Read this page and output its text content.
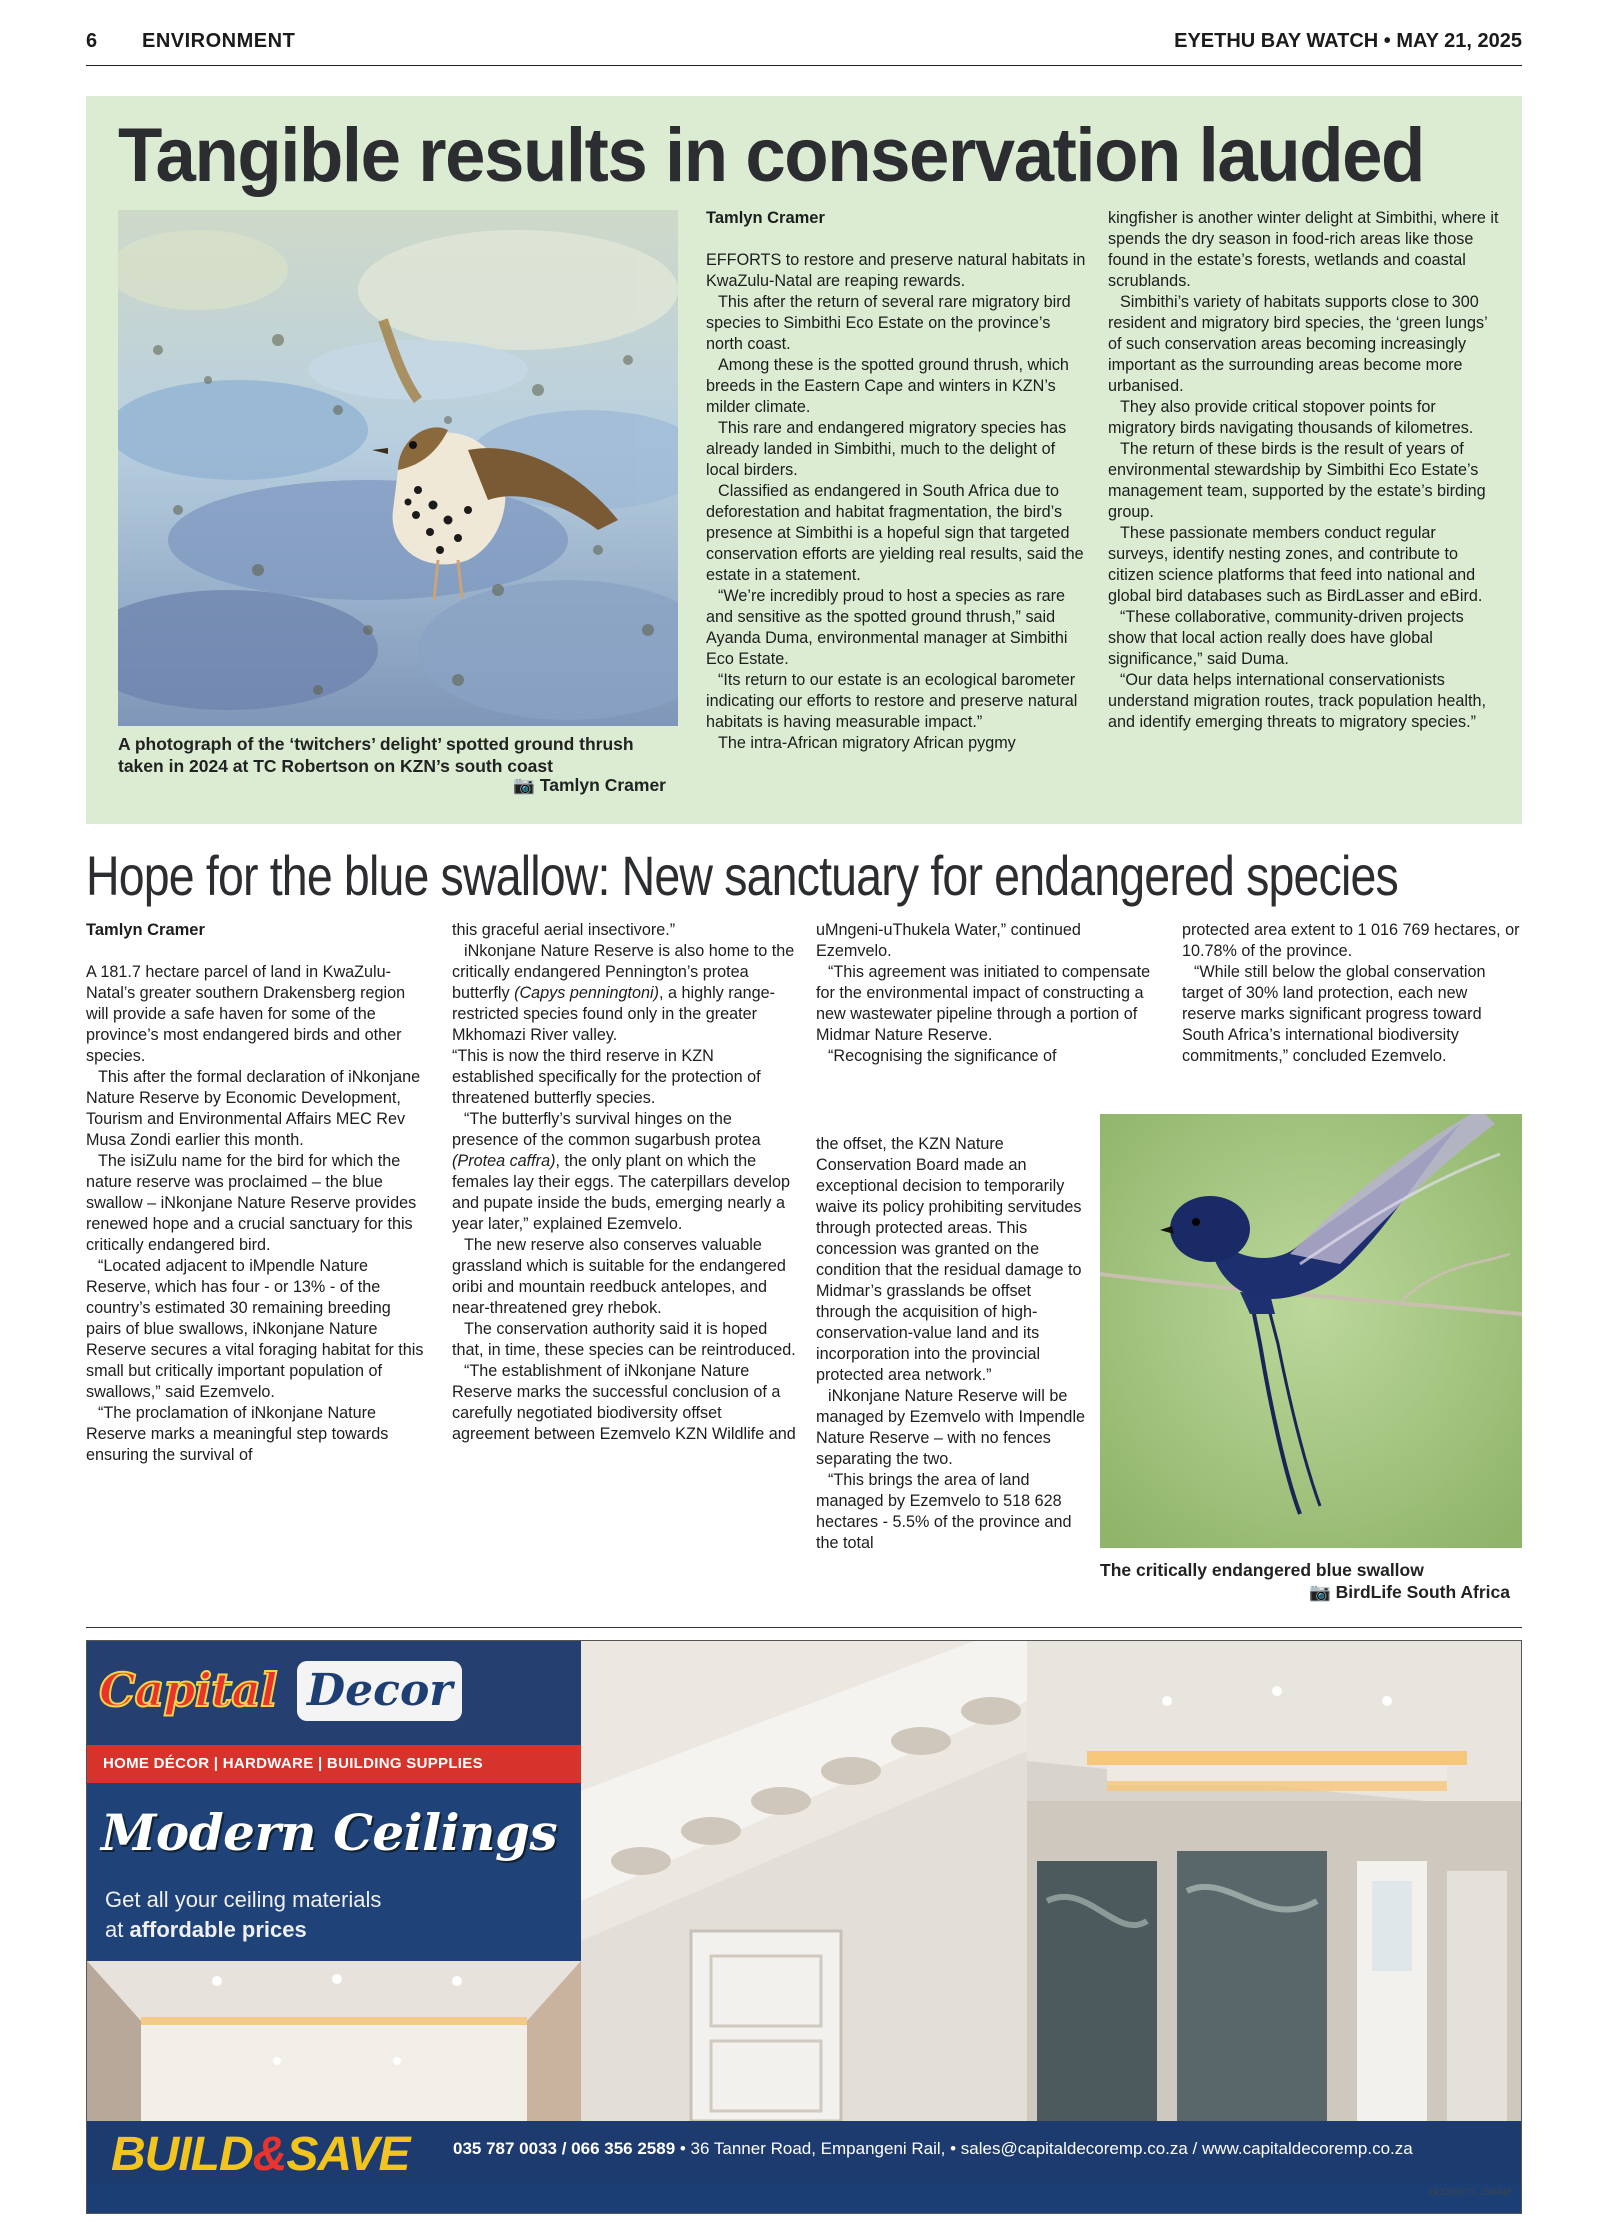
6 ENVIRONMENT	EYETHU BAY WATCH • MAY 21, 2025
Tangible results in conservation lauded
A photograph of the ‘twitchers’ delight’ spotted ground thrush taken in 2024 at TC Robertson on KZN’s south coast
📷 Tamlyn Cramer

Tamlyn Cramer

EFFORTS to restore and preserve natural habitats in KwaZulu-Natal are reaping rewards.

This after the return of several rare migratory bird species to Simbithi Eco Estate on the province’s north coast.

Among these is the spotted ground thrush, which breeds in the Eastern Cape and winters in KZN’s milder climate.

This rare and endangered migratory species has already landed in Simbithi, much to the delight of local birders.

Classified as endangered in South Africa due to deforestation and habitat fragmentation, the bird’s presence at Simbithi is a hopeful sign that targeted conservation efforts are yielding real results, said the estate in a statement.

“We’re incredibly proud to host a species as rare and sensitive as the spotted ground thrush,” said Ayanda Duma, environmental manager at Simbithi Eco Estate.

“Its return to our estate is an ecological barometer indicating our efforts to restore and preserve natural habitats is having measurable impact.”

The intra-African migratory African pygmy

kingfisher is another winter delight at Simbithi, where it spends the dry season in food-rich areas like those found in the estate’s forests, wetlands and coastal scrublands.

Simbithi’s variety of habitats supports close to 300 resident and migratory bird species, the ‘green lungs’ of such conservation areas becoming increasingly important as the surrounding areas become more urbanised.

They also provide critical stopover points for migratory birds navigating thousands of kilometres.

The return of these birds is the result of years of environmental stewardship by Simbithi Eco Estate’s management team, supported by the estate’s birding group.

These passionate members conduct regular surveys, identify nesting zones, and contribute to citizen science platforms that feed into national and global bird databases such as BirdLasser and eBird.

“These collaborative, community-driven projects show that local action really does have global significance,” said Duma.

“Our data helps international conservationists understand migration routes, track population health, and identify emerging threats to migratory species.”

Hope for the blue swallow: New sanctuary for endangered species

Tamlyn Cramer

A 181.7 hectare parcel of land in KwaZulu-Natal’s greater southern Drakensberg region will provide a safe haven for some of the province’s most endangered birds and other species.

This after the formal declaration of iNkonjane Nature Reserve by Economic Development, Tourism and Environmental Affairs MEC Rev Musa Zondi earlier this month.

The isiZulu name for the bird for which the nature reserve was proclaimed – the blue swallow – iNkonjane Nature Reserve provides renewed hope and a crucial sanctuary for this critically endangered bird.

“Located adjacent to iMpendle Nature Reserve, which has four - or 13% - of the country’s estimated 30 remaining breeding pairs of blue swallows, iNkonjane Nature Reserve secures a vital foraging habitat for this small but critically important population of swallows,” said Ezemvelo.

“The proclamation of iNkonjane Nature Reserve marks a meaningful step towards ensuring the survival of

this graceful aerial insectivore.”

iNkonjane Nature Reserve is also home to the critically endangered Pennington’s protea butterfly (Capys penningtoni), a highly range-restricted species found only in the greater Mkhomazi River valley.

“This is now the third reserve in KZN established specifically for the protection of threatened butterfly species.

“The butterfly’s survival hinges on the presence of the common sugarbush protea (Protea caffra), the only plant on which the females lay their eggs. The caterpillars develop and pupate inside the buds, emerging nearly a year later,” explained Ezemvelo.

The new reserve also conserves valuable grassland which is suitable for the endangered oribi and mountain reedbuck antelopes, and near-threatened grey rhebok.

The conservation authority said it is hoped that, in time, these species can be reintroduced.

“The establishment of iNkonjane Nature Reserve marks the successful conclusion of a carefully negotiated biodiversity offset agreement between Ezemvelo KZN Wildlife and

uMngeni-uThukela Water,” continued Ezemvelo.

“This agreement was initiated to compensate for the environmental impact of constructing a new wastewater pipeline through a portion of Midmar Nature Reserve.

“Recognising the significance of

the offset, the KZN Nature Conservation Board made an exceptional decision to temporarily waive its policy prohibiting servitudes through protected areas. This concession was granted on the condition that the residual damage to Midmar’s grasslands be offset through the acquisition of high-conservation-value land and its incorporation into the provincial protected area network.”

iNkonjane Nature Reserve will be managed by Ezemvelo with Impendle Nature Reserve – with no fences separating the two.

“This brings the area of land managed by Ezemvelo to 518 628 hectares - 5.5% of the province and the total

protected area extent to 1 016 769 hectares, or 10.78% of the province.

“While still below the global conservation target of 30% land protection, each new reserve marks significant progress toward South Africa’s international biodiversity commitments,” concluded Ezemvelo.

The critically endangered blue swallow
📷 BirdLife South Africa
Capital Decor
HOME DÉCOR | HARDWARE | BUILDING SUPPLIES
Modern Ceilings
Get all your ceiling materials
at affordable prices
BUILD&SAVE	035 787 0033 / 066 356 2589 • 36 Tanner Road, Empangeni Rail, • sales@capitaldecoremp.co.za / www.capitaldecoremp.co.za
ZR22993371_2506MP
